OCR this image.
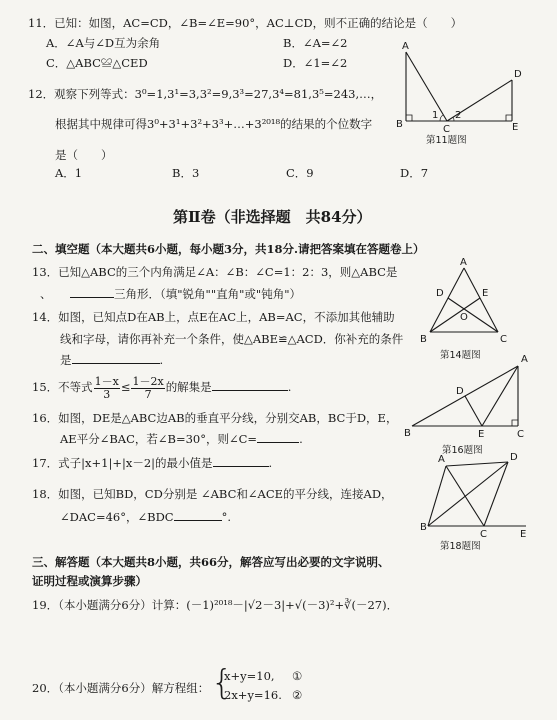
11．已知：如图，AC=CD，∠B=∠E=90°，AC⊥CD，则不正确的结论是（　　）
A．∠A与∠D互为余角	B．∠A=∠2
C．△ABC≌△CED	D．∠1=∠2
A
D
B	C	E
1 2
第11题图
12．观察下列等式：3⁰=1,3¹=3,3²=9,3³=27,3⁴=81,3⁵=243,…，
根据其中规律可得3⁰+3¹+3²+3³+…+3²⁰¹⁸的结果的个位数字
是（　　）
A．1	B．3	C．9	D．7
第Ⅱ卷（非选择题　共84分）
二、填空题（本大题共6小题，每小题3分，共18分.请把答案填在答题卷上）
13．已知△ABC的三个内角满足∠A：∠B：∠C=1：2：3，则△ABC是
、	三角形．（填"锐角""直角"或"钝角"）
A
D	E
O
B	C
第14题图
14．如图，已知点D在AB上，点E在AC上，AB=AC，不添加其他辅助
线和字母，请你再补充一个条件，使△ABE≌△ACD．你补充的条件
是	.
15．不等式 $\frac{1-x}{3} \le \frac{1-2x}{7}$ 的解集是	.
A
D
B	E	C
第16题图
16．如图，DE是△ABC边AB的垂直平分线，分别交AB，BC于D，E，
AE平分∠BAC，若∠B=30°，则∠C=	.
17．式子|x+1|+|x－2|的最小值是	.
18．如图，已知BD，CD分别是 ∠ABC和∠ACE的平分线，连接AD，
∠DAC=46°，∠BDC	°.
A	D
B
C	E
第18题图
三、解答题（本大题共8小题，共66分，解答应写出必要的文字说明、
证明过程或演算步骤）
19．（本小题满分6分）计算：(－1)²⁰¹⁸－|√2－3|+√(－3)²+∛(－27)．
20．（本小题满分6分）解方程组： {
x+y=10, ①
2x+y=16. ②
